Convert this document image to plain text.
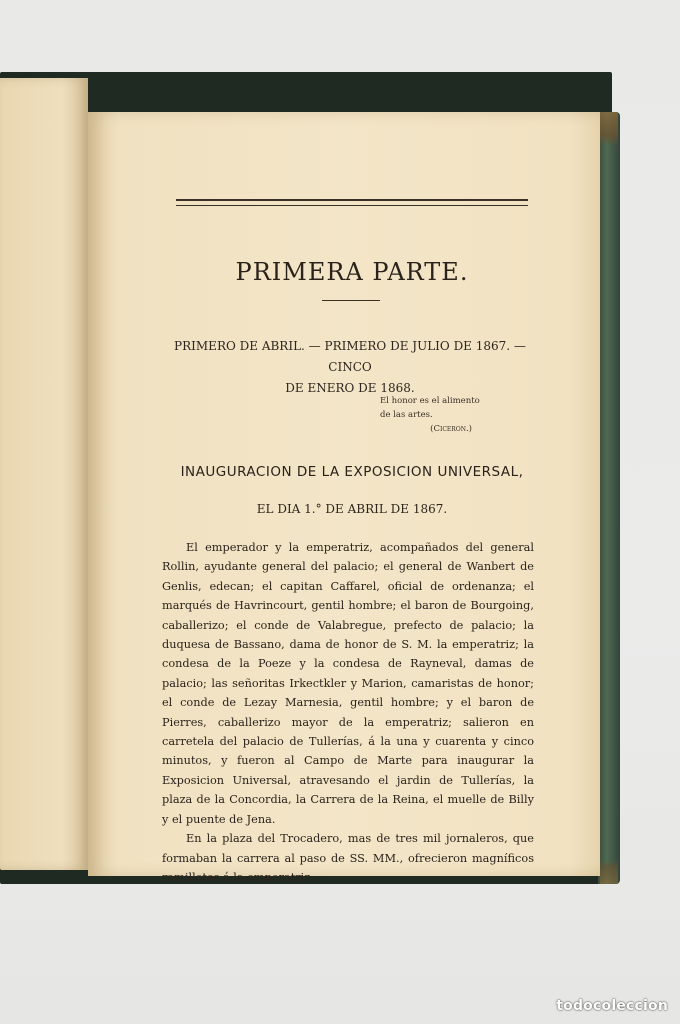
PRIMERA PARTE.
PRIMERO DE ABRIL. — PRIMERO DE JULIO DE 1867. — CINCO
DE ENERO DE 1868.
El honor es el alimento
de las artes.
(Ciceron.)
INAUGURACION DE LA EXPOSICION UNIVERSAL,
EL DIA 1.° DE ABRIL DE 1867.

El emperador y la emperatriz, acompañados del general Rollin, ayudante general del palacio; el general de Wanbert de Genlis, edecan; el capitan Caffarel, oficial de ordenanza; el marqués de Havrincourt, gentil hombre; el baron de Bourgoing, caballerizo; el conde de Valabregue, prefecto de palacio; la duquesa de Bassano, dama de honor de S. M. la emperatriz; la condesa de la Poeze y la condesa de Rayneval, damas de palacio; las señoritas Irkectkler y Marion, camaristas de honor; el conde de Lezay Marnesia, gentil hombre; y el baron de Pierres, caballerizo mayor de la emperatriz; salieron en carretela del palacio de Tullerías, á la una y cuarenta y cinco minutos, y fueron al Campo de Marte para inaugurar la Exposicion Universal, atravesando el jardin de Tullerías, la plaza de la Concordia, la Carrera de la Reina, el muelle de Billy y el puente de Jena.

En la plaza del Trocadero, mas de tres mil jornaleros, que formaban la carrera al paso de SS. MM., ofrecieron magníficos ramilletes á la emperatriz.

todocoleccion
